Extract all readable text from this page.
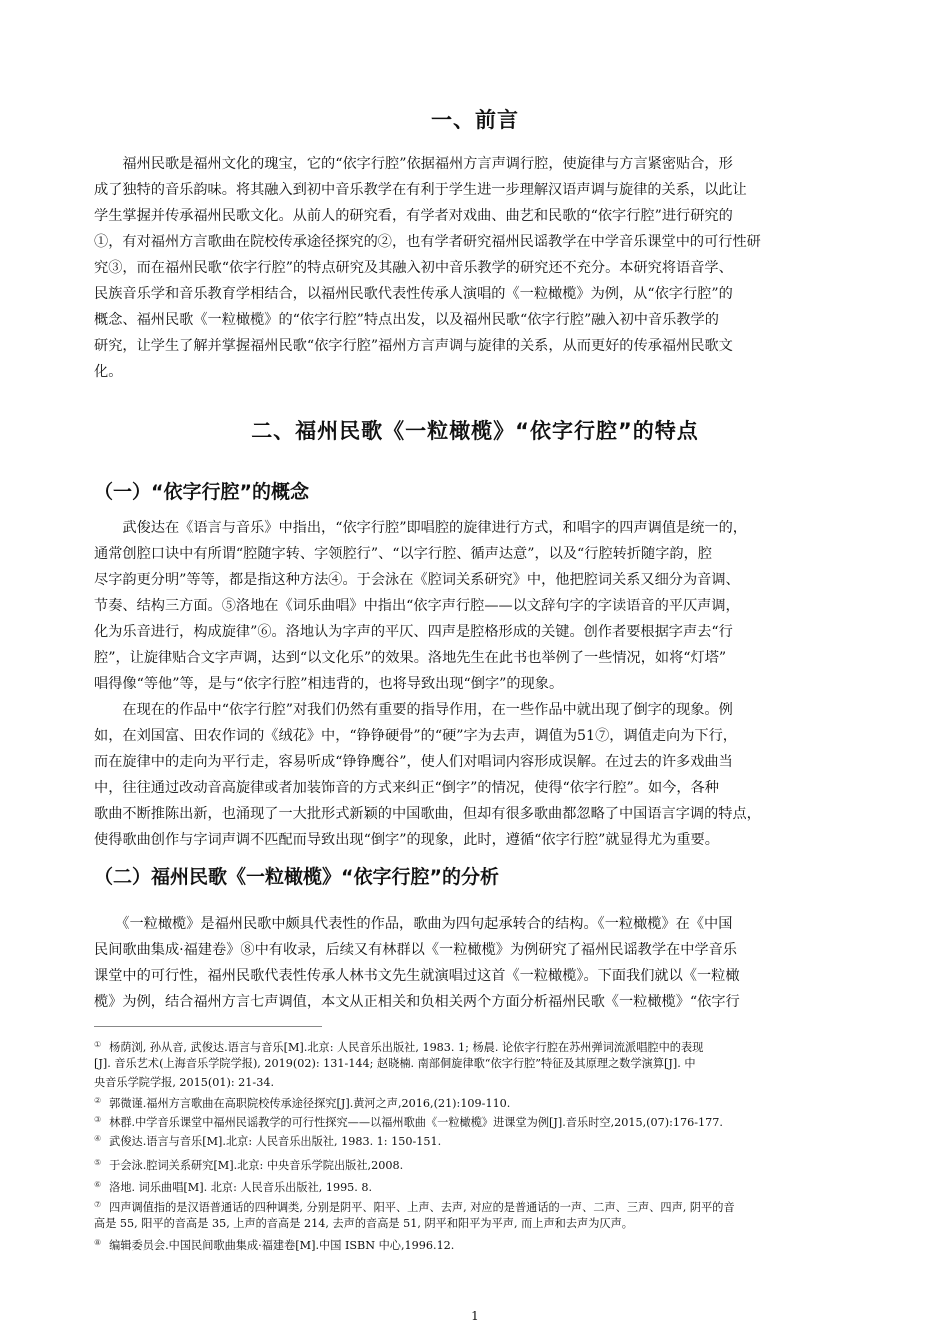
一、前言
　　福州民歌是福州文化的瑰宝，它的“依字行腔”依据福州方言声调行腔，使旋律与方言紧密贴合，形
成了独特的音乐韵味。将其融入到初中音乐教学在有利于学生进一步理解汉语声调与旋律的关系，以此让
学生掌握并传承福州民歌文化。从前人的研究看，有学者对戏曲、曲艺和民歌的“依字行腔”进行研究的
①，有对福州方言歌曲在院校传承途径探究的②，也有学者研究福州民谣教学在中学音乐课堂中的可行性研
究③，而在福州民歌“依字行腔”的特点研究及其融入初中音乐教学的研究还不充分。本研究将语音学、
民族音乐学和音乐教育学相结合，以福州民歌代表性传承人演唱的《一粒橄榄》为例，从“依字行腔”的
概念、福州民歌《一粒橄榄》的“依字行腔”特点出发，以及福州民歌“依字行腔”融入初中音乐教学的
研究，让学生了解并掌握福州民歌“依字行腔”福州方言声调与旋律的关系，从而更好的传承福州民歌文
化。
二、福州民歌《一粒橄榄》“依字行腔”的特点
（一）“依字行腔”的概念
　　武俊达在《语言与音乐》中指出，“依字行腔”即唱腔的旋律进行方式，和唱字的四声调值是统一的，
通常创腔口诀中有所谓“腔随字转、字领腔行”、“以字行腔、循声达意”，以及“行腔转折随字韵，腔
尽字韵更分明”等等，都是指这种方法④。于会泳在《腔词关系研究》中，他把腔词关系又细分为音调、
节奏、结构三方面。⑤洛地在《词乐曲唱》中指出“依字声行腔——以文辞句字的字读语音的平仄声调，
化为乐音进行，构成旋律”⑥。洛地认为字声的平仄、四声是腔格形成的关键。创作者要根据字声去“行
腔”，让旋律贴合文字声调，达到“以文化乐”的效果。洛地先生在此书也举例了一些情况，如将“灯塔”
唱得像“等他”等，是与“依字行腔”相违背的，也将导致出现“倒字”的现象。
　　在现在的作品中“依字行腔”对我们仍然有重要的指导作用，在一些作品中就出现了倒字的现象。例
如，在刘国富、田农作词的《绒花》中，“铮铮硬骨”的“硬”字为去声，调值为51⑦，调值走向为下行，
而在旋律中的走向为平行走，容易听成“铮铮鹰谷”，使人们对唱词内容形成误解。在过去的许多戏曲当
中，往往通过改动音高旋律或者加装饰音的方式来纠正“倒字”的情况，使得“依字行腔”。如今，各种
歌曲不断推陈出新，也涌现了一大批形式新颖的中国歌曲，但却有很多歌曲都忽略了中国语言字调的特点，
使得歌曲创作与字词声调不匹配而导致出现“倒字”的现象，此时，遵循“依字行腔”就显得尤为重要。
（二）福州民歌《一粒橄榄》“依字行腔”的分析
　　《一粒橄榄》是福州民歌中颇具代表性的作品，歌曲为四句起承转合的结构。《一粒橄榄》在《中国
民间歌曲集成·福建卷》⑧中有收录，后续又有林群以《一粒橄榄》为例研究了福州民谣教学在中学音乐
课堂中的可行性，福州民歌代表性传承人林书文先生就演唱过这首《一粒橄榄》。下面我们就以《一粒橄
榄》为例，结合福州方言七声调值，本文从正相关和负相关两个方面分析福州民歌《一粒橄榄》“依字行
① 杨荫浏, 孙从音, 武俊达.语言与音乐[M].北京: 人民音乐出版社, 1983. 1; 杨晨. 论依字行腔在苏州弹词流派唱腔中的表现
[J]. 音乐艺术(上海音乐学院学报), 2019(02): 131-144; 赵晓楠. 南部侗旋律歌“依字行腔”特征及其原理之数学演算[J]. 中
央音乐学院学报, 2015(01): 21-34.
② 郭微谨.福州方言歌曲在高职院校传承途径探究[J].黄河之声,2016,(21):109-110.
③ 林群.中学音乐课堂中福州民谣教学的可行性探究——以福州歌曲《一粒橄榄》进课堂为例[J].音乐时空,2015,(07):176-177.
④ 武俊达.语言与音乐[M].北京: 人民音乐出版社, 1983. 1: 150-151.
⑤ 于会泳.腔词关系研究[M].北京: 中央音乐学院出版社,2008.
⑥ 洛地. 词乐曲唱[M]. 北京: 人民音乐出版社, 1995. 8.
⑦ 四声调值指的是汉语普通话的四种调类, 分别是阴平、阳平、上声、去声, 对应的是普通话的一声、二声、三声、四声, 阴平的音
高是 55, 阳平的音高是 35, 上声的音高是 214, 去声的音高是 51, 阴平和阳平为平声, 而上声和去声为仄声。
⑧ 编辑委员会.中国民间歌曲集成·福建卷[M].中国 ISBN 中心,1996.12.
1
